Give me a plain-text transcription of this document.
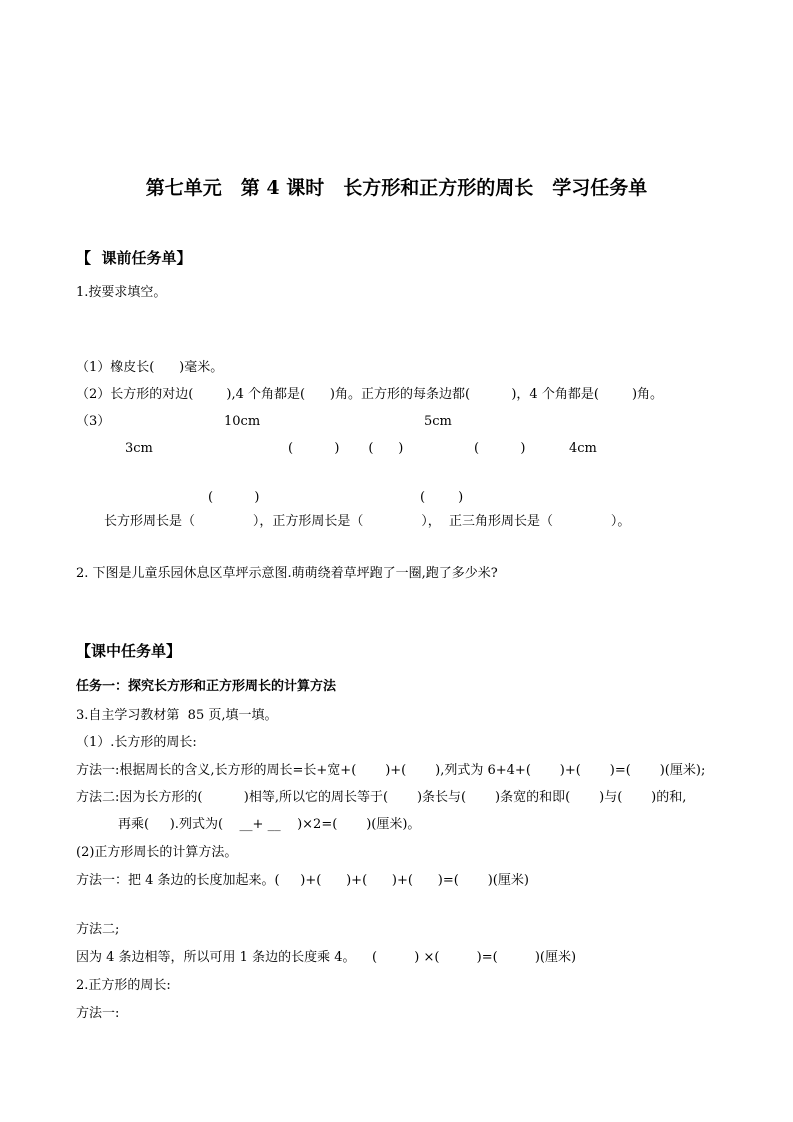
第七单元　第 4 课时　长方形和正方形的周长　学习任务单
【  课前任务单】
1.按要求填空。
（1）橡皮长(      )毫米。
（2）长方形的对边(        ),4 个角都是(      )角。正方形的每条边都(          )，4 个角都是(        )角。
（3）	10cm	5cm
3cm	(          )       (      )	(          )	4cm
(          )	(        )
长方形周长是（              ），正方形周长是（              ），  正三角形周长是（              ）。
2. 下图是儿童乐园休息区草坪示意图.萌萌绕着草坪跑了一圈,跑了多少米?
【课中任务单】
任务一：探究长方形和正方形周长的计算方法
3.自主学习教材第  85 页,填一填。
（1）.长方形的周长:
方法一:根据周长的含义,长方形的周长=长+宽+(       )+(       ),列式为 6+4+(       )+(       )=(       )(厘米);
方法二:因为长方形的(          )相等,所以它的周长等于(       )条长与(       )条宽的和即(       )与(       )的和,
再乘(     ).列式为(    __+ __    )×2=(       )(厘米)。
(2)正方形周长的计算方法。
方法一：把 4 条边的长度加起来。(     )+(      )+(      )+(      )=(       )(厘米)
方法二;
因为 4 条边相等，所以可用 1 条边的长度乘 4。    (         ) ×(         )=(         )(厘米)
2.正方形的周长:
方法一:
